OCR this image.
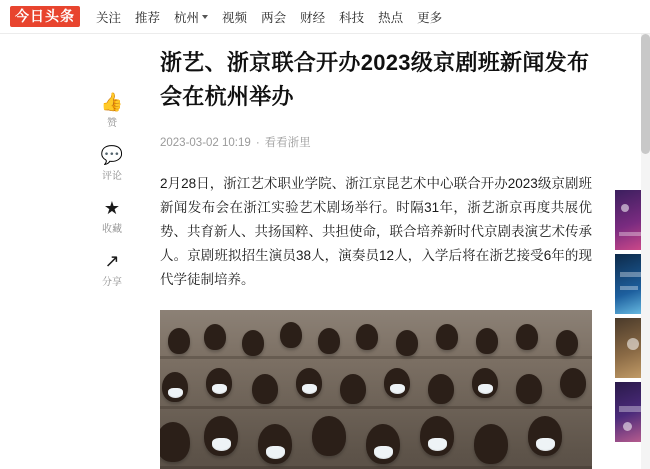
今日头条	关注 推荐 杭州	视频 两会 财经 科技 热点 更多
👍
赞
💬
评论
★
收藏
↗
分享
浙艺、浙京联合开办2023级京剧班新闻发布会在杭州举办
2023-03-02 10:19 · 看看浙里

2月28日，浙江艺术职业学院、浙江京昆艺术中心联合开办2023级京剧班新闻发布会在浙江实验艺术剧场举行。时隔31年，浙艺浙京再度共展优势、共育新人、共扬国粹、共担使命，联合培养新时代京剧表演艺术传承人。京剧班拟招生演员38人，演奏员12人，入学后将在浙艺接受6年的现代学徒制培养。
